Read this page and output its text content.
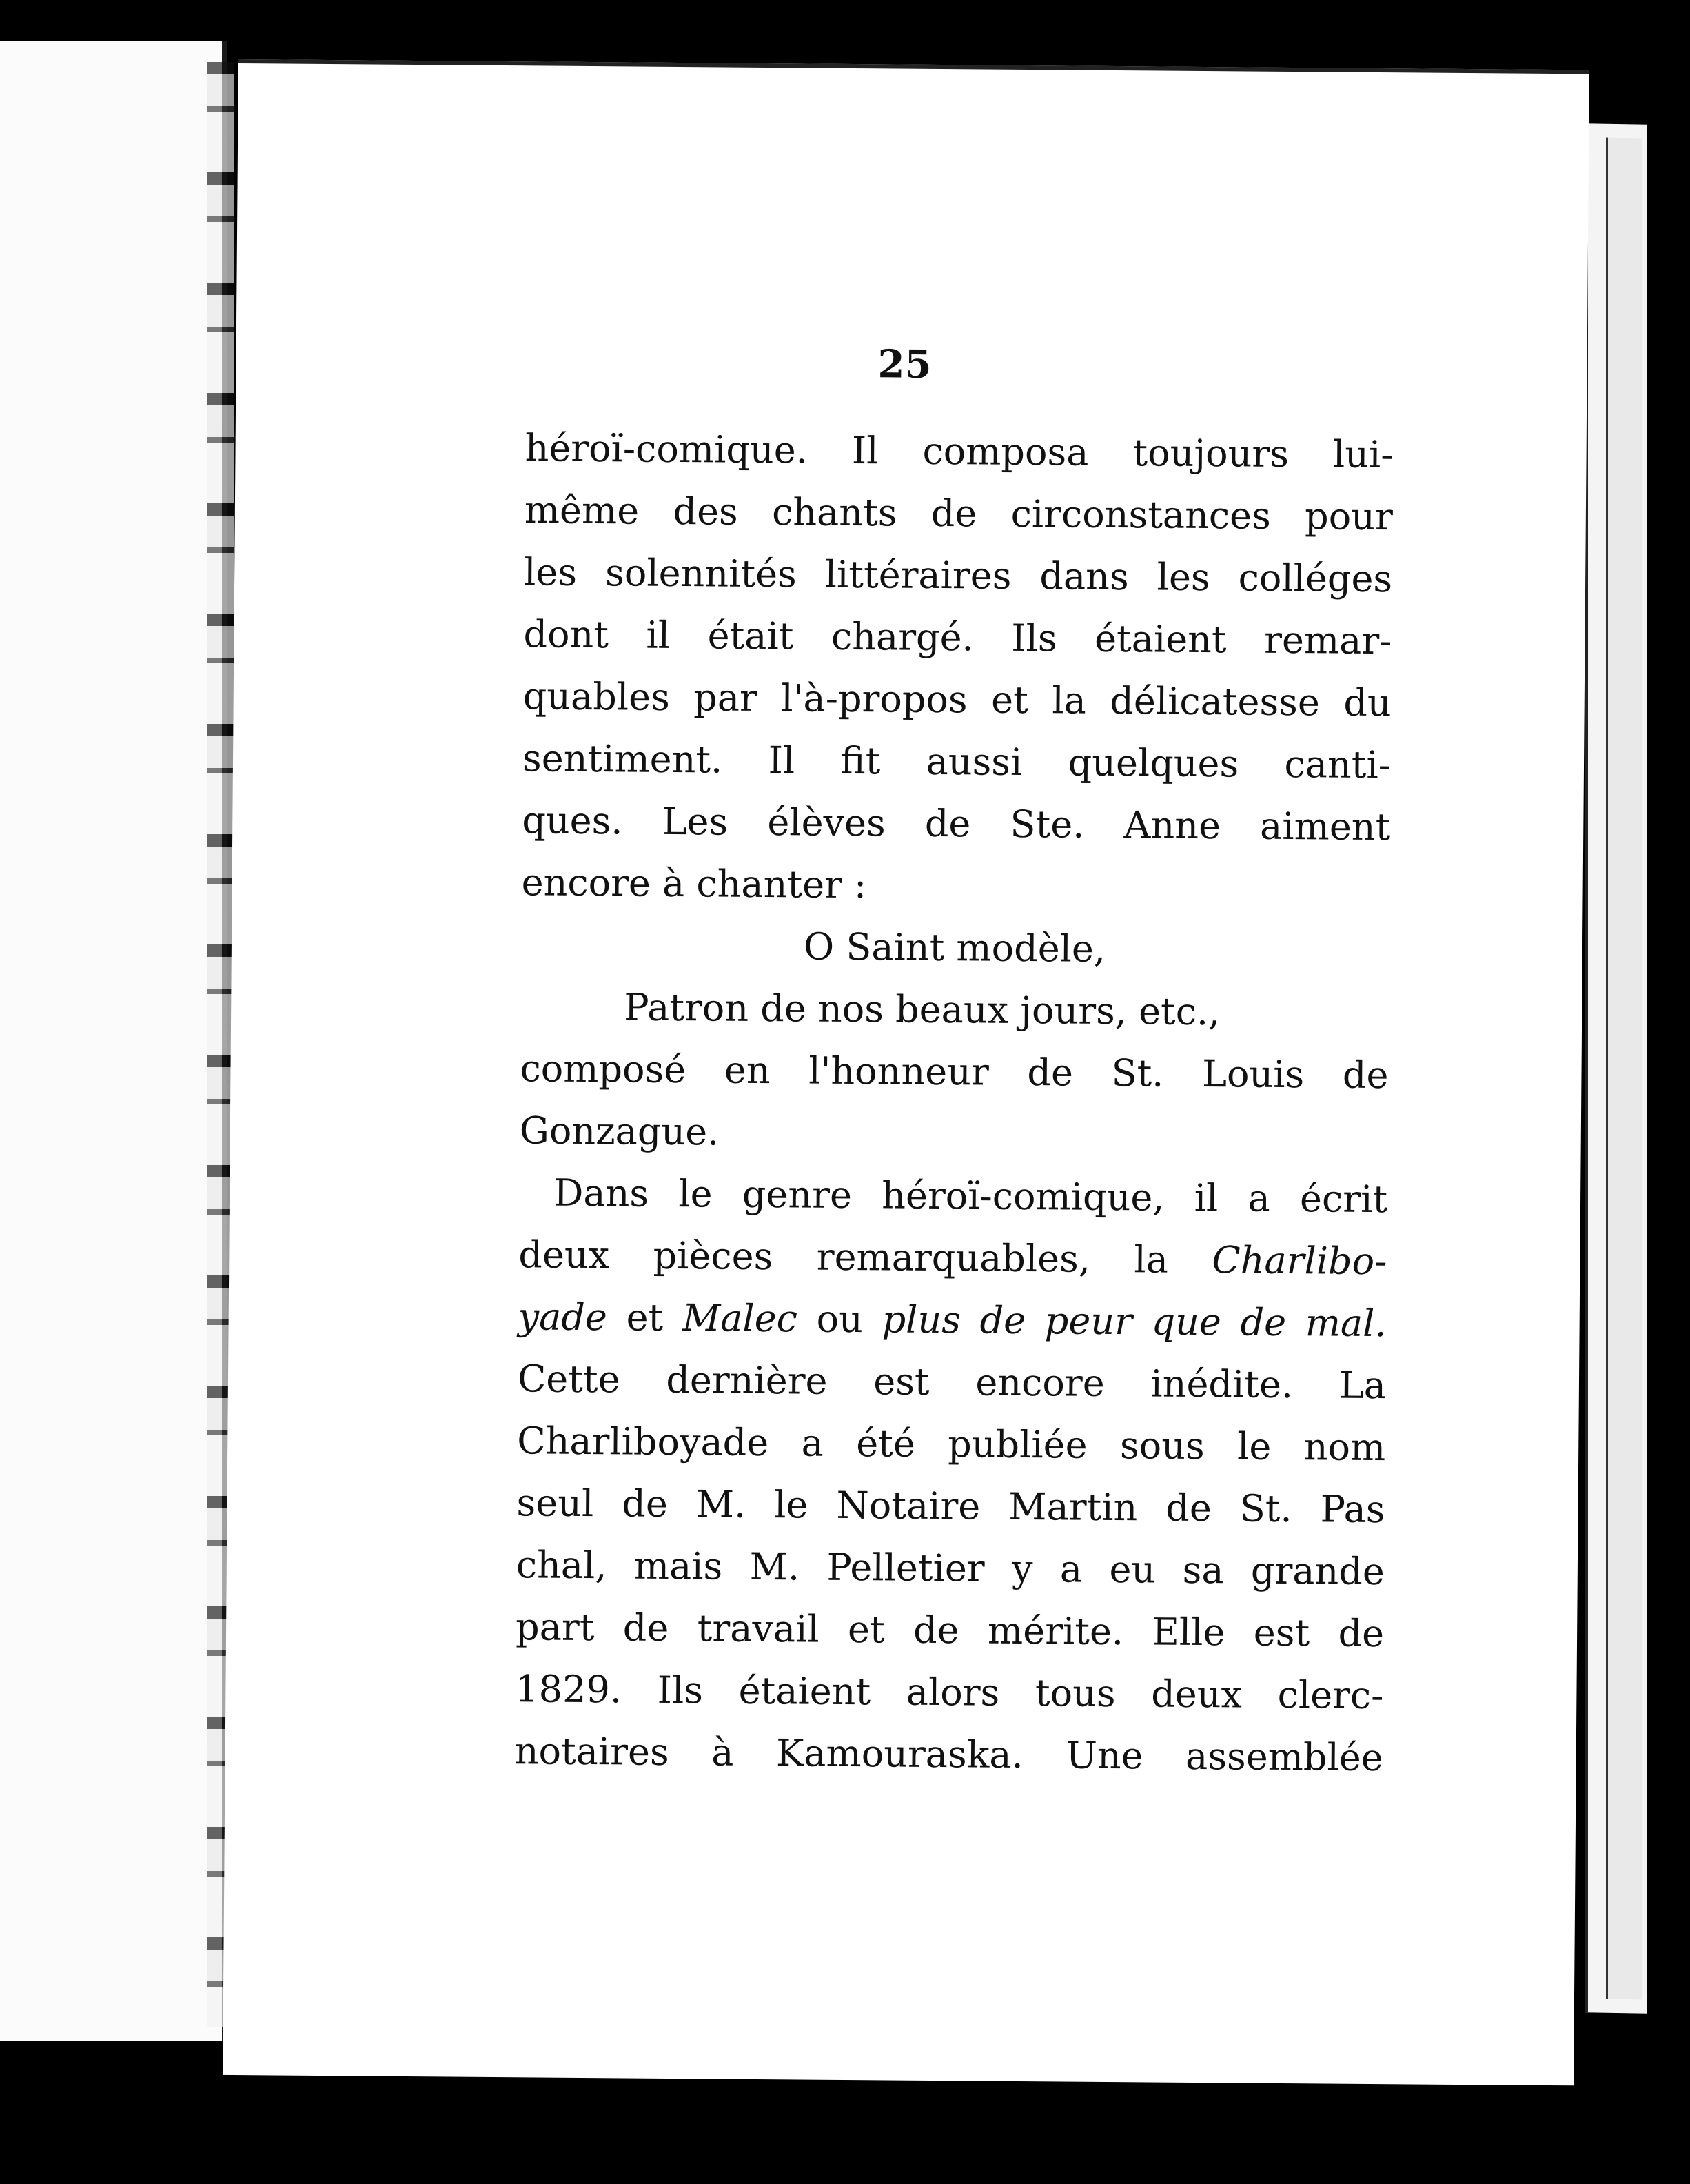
25
héroï-comique. Il composa toujours lui-
même des chants de circonstances pour
les solennités littéraires dans les colléges
dont il était chargé. Ils étaient remar-
quables par l'à-propos et la délicatesse du
sentiment. Il fit aussi quelques canti-
ques. Les élèves de Ste. Anne aiment
encore à chanter :
O Saint modèle,
Patron de nos beaux jours, etc.,
composé en l'honneur de St. Louis de
Gonzague.
Dans le genre héroï-comique, il a écrit
deux pièces remarquables, la Charlibo-
yade et Malec ou plus de peur que de mal.
Cette dernière est encore inédite. La
Charliboyade a été publiée sous le nom
seul de M. le Notaire Martin de St. Pas
chal, mais M. Pelletier y a eu sa grande
part de travail et de mérite. Elle est de
1829. Ils étaient alors tous deux clerc-
notaires à Kamouraska. Une assemblée
